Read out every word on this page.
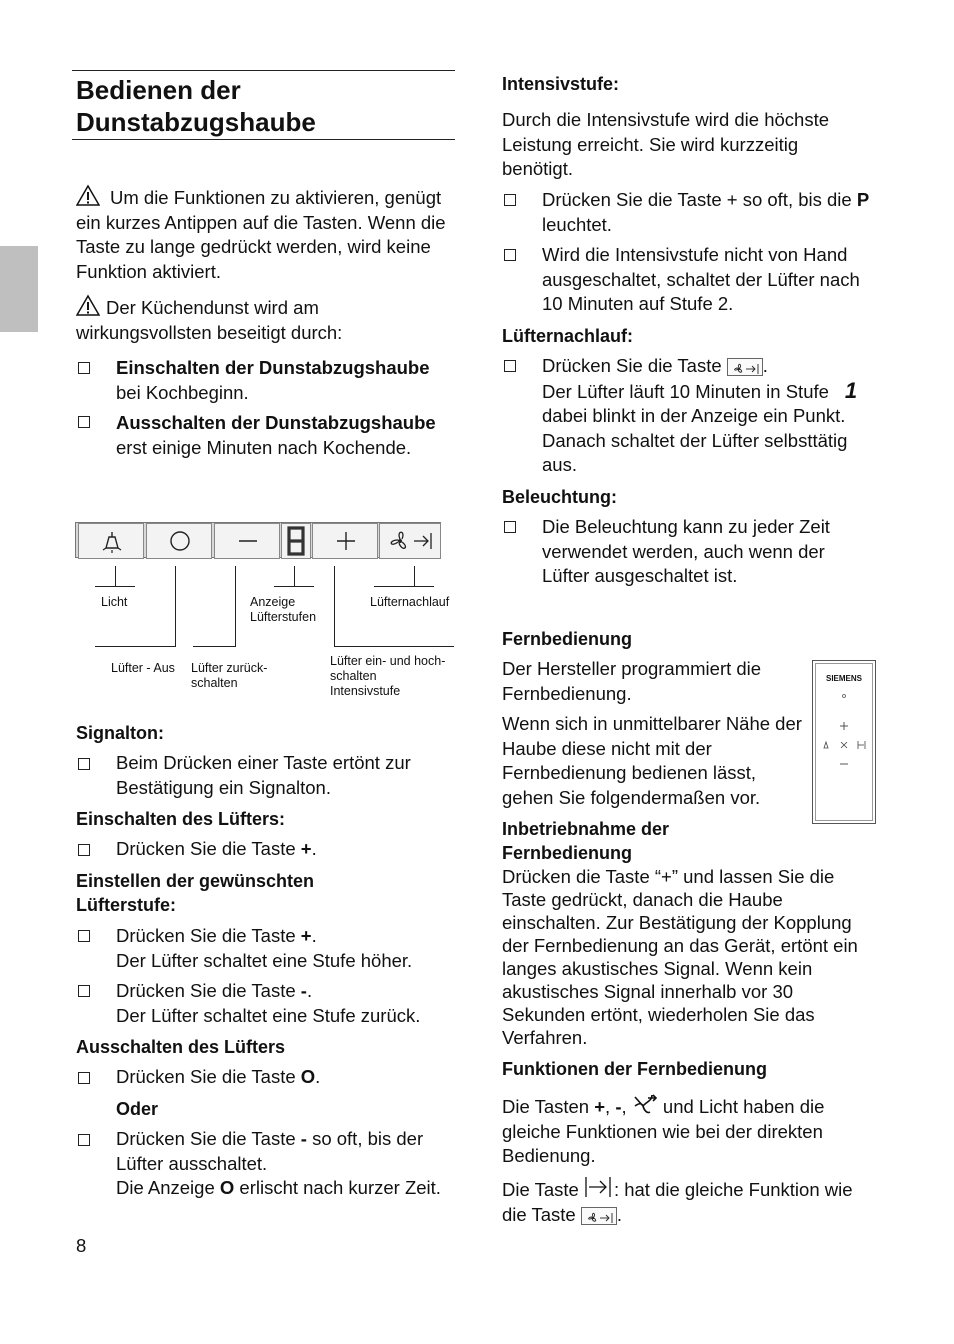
Bedienen der
Dunstabzugshaube
Um die Funktionen zu aktivieren, genügt ein kurzes Antippen auf die Tasten. Wenn die Taste zu lange gedrückt werden, wird keine Funktion aktiviert.
Der Küchendunst wird am wirkungsvollsten beseitigt durch:
Einschalten der Dunstabzugshaube bei Kochbeginn.
Ausschalten der Dunstabzugshaube erst einige Minuten nach Kochende.
Licht	Anzeige
Lüfterstufen
Lüfternachlauf
Lüfter - Aus Lüfter zurück-
schalten
Lüfter ein- und hoch-
schalten
Intensivstufe
Signalton:
Beim Drücken einer Taste ertönt zur Bestätigung ein Signalton.
Einschalten des Lüfters:
Drücken Sie die Taste +.
Einstellen der gewünschten Lüfterstufe:
Drücken Sie die Taste +.
Der Lüfter schaltet eine Stufe höher.
Drücken Sie die Taste -.
Der Lüfter schaltet eine Stufe zurück.
Ausschalten des Lüfters
Drücken Sie die Taste O.
Oder
Drücken Sie die Taste - so oft, bis der Lüfter ausschaltet.
Die Anzeige O erlischt nach kurzer Zeit.
8
Intensivstufe:
Durch die Intensivstufe wird die höchste Leistung erreicht. Sie wird kurzzeitig benötigt.
Drücken Sie die Taste + so oft, bis die P leuchtet.
Wird die Intensivstufe nicht von Hand ausgeschaltet, schaltet der Lüfter nach 10 Minuten auf Stufe 2.
Lüfternachlauf:
Drücken Sie die Taste .
Der Lüfter läuft 10 Minuten in Stufe 1
dabei blinkt in der Anzeige ein Punkt. Danach schaltet der Lüfter selbsttätig aus.
Beleuchtung:
Die Beleuchtung kann zu jeder Zeit verwendet werden, auch wenn der Lüfter ausgeschaltet ist.
Fernbedienung
Der Hersteller programmiert die Fernbedienung.
Wenn sich in unmittelbarer Nähe der Haube diese nicht mit der Fernbedienung bedienen lässt, gehen Sie folgendermaßen vor.
SIEMENS
Inbetriebnahme der Fernbedienung
Drücken die Taste “+” und lassen Sie die Taste gedrückt, danach die Haube einschalten. Zur Bestätigung der Kopplung der Fernbedienung an das Gerät, ertönt ein langes akustisches Signal. Wenn kein akustisches Signal innerhalb vor 30 Sekunden ertönt, wiederholen Sie das Verfahren.
Funktionen der Fernbedienung
Die Tasten +, -,  und Licht haben die gleiche Funktionen wie bei der direkten Bedienung.
Die Taste : hat die gleiche Funktion wie die Taste .
